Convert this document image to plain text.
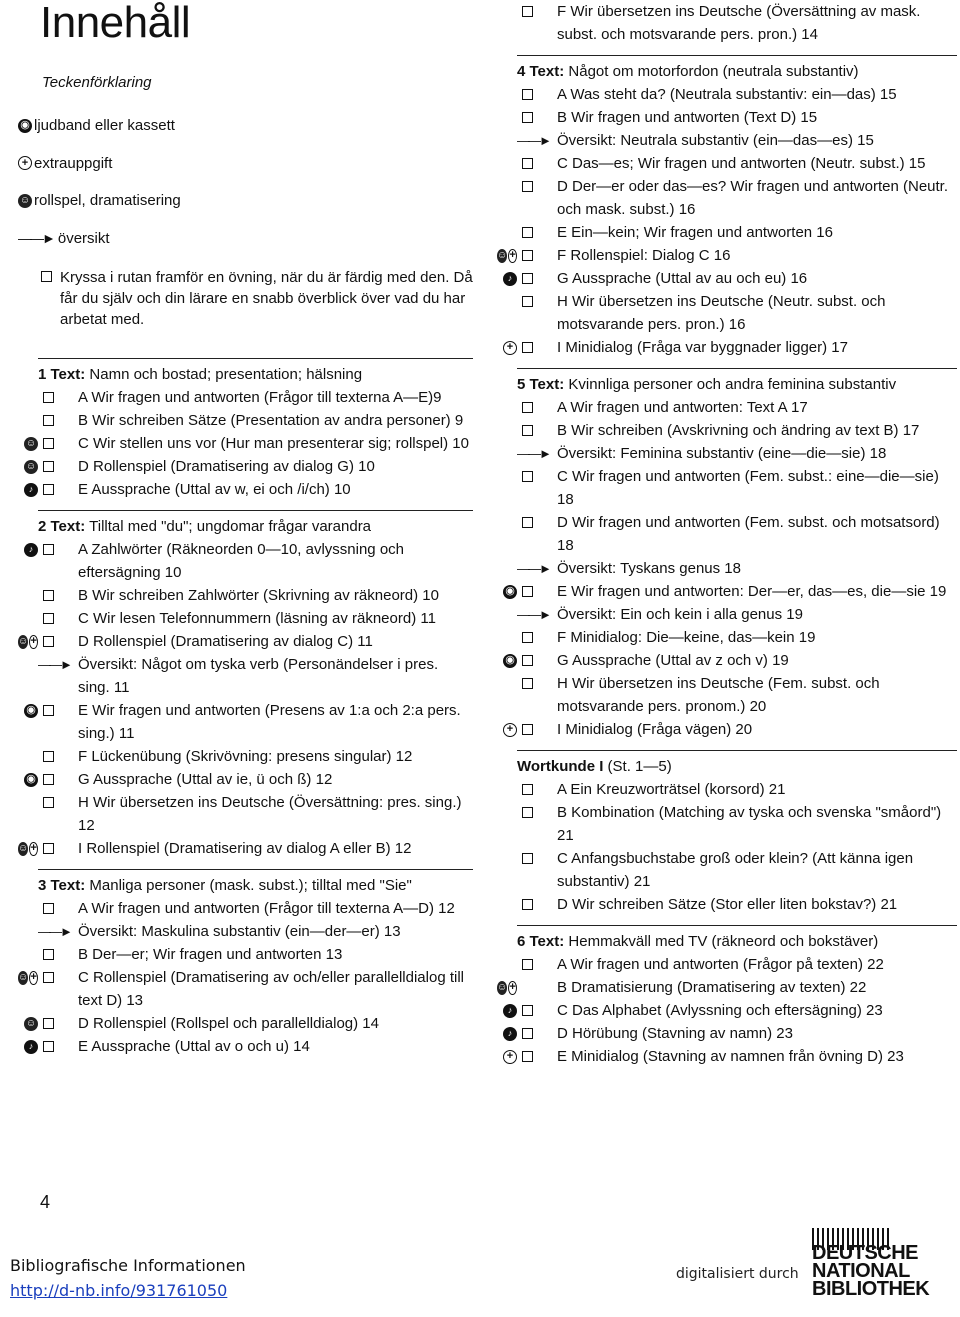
Innehåll
Teckenförklaring
◉ ljudband eller kassett
+ extrauppgift
☺ rollspel, dramatisering
——► översikt
Kryssa i rutan framför en övning, när du är färdig med den. Då får du själv och din lärare en snabb överblick över vad du har arbetat med.
1 Text: Namn och bostad; presentation; hälsning
A Wir fragen und antworten (Frågor till texterna A—E)9
B Wir schreiben Sätze (Presentation av andra personer) 9
☺	C Wir stellen uns vor (Hur man presenterar sig; rollspel) 10
☺	D Rollenspiel (Dramatisering av dialog G) 10
♪	E Aussprache (Uttal av w, ei och /i/ch) 10
2 Text: Tilltal med "du"; ungdomar frågar varandra
♪	A Zahlwörter (Räkneorden 0—10, avlyssning och eftersägning 10
B Wir schreiben Zahlwörter (Skrivning av räkneord) 10
C Wir lesen Telefonnummern (läsning av räkneord) 11
☺ +	D Rollenspiel (Dramatisering av dialog C) 11
——► Översikt: Något om tyska verb (Personändelser i pres. sing. 11
◉	E Wir fragen und antworten (Presens av 1:a och 2:a pers. sing.) 11
F Lückenübung (Skrivövning: presens singular) 12
◉	G Aussprache (Uttal av ie, ü och ß) 12
H Wir übersetzen ins Deutsche (Översättning: pres. sing.) 12
☺ +	I Rollenspiel (Dramatisering av dialog A eller B) 12
3 Text: Manliga personer (mask. subst.); tilltal med "Sie"
A Wir fragen und antworten (Frågor till texterna A—D) 12
——► Översikt: Maskulina substantiv (ein—der—er) 13
B Der—er; Wir fragen und antworten 13
☺ +	C Rollenspiel (Dramatisering av och/eller parallelldialog till text D) 13
☺	D Rollenspiel (Rollspel och parallelldialog) 14
♪	E Aussprache (Uttal av o och u) 14
F Wir übersetzen ins Deutsche (Översättning av mask. subst. och motsvarande pers. pron.) 14
4 Text: Något om motorfordon (neutrala substantiv)
A Was steht da? (Neutrala substantiv: ein—das) 15
B Wir fragen und antworten (Text D) 15
——► Översikt: Neutrala substantiv (ein—das—es) 15
C Das—es; Wir fragen und antworten (Neutr. subst.) 15
D Der—er oder das—es? Wir fragen und antworten (Neutr. och mask. subst.) 16
E Ein—kein; Wir fragen und antworten 16
☺ +	F Rollenspiel: Dialog C 16
♪	G Aussprache (Uttal av au och eu) 16
H Wir übersetzen ins Deutsche (Neutr. subst. och motsvarande pers. pron.) 16
+	I Minidialog (Fråga var byggnader ligger) 17
5 Text: Kvinnliga personer och andra feminina substantiv
A Wir fragen und antworten: Text A 17
B Wir schreiben (Avskrivning och ändring av text B) 17
——► Översikt: Feminina substantiv (eine—die—sie) 18
C Wir fragen und antworten (Fem. subst.: eine—die—sie) 18
D Wir fragen und antworten (Fem. subst. och motsatsord) 18
——► Översikt: Tyskans genus 18
◉	E Wir fragen und antworten: Der—er, das—es, die—sie 19
——► Översikt: Ein och kein i alla genus 19
F Minidialog: Die—keine, das—kein 19
◉	G Aussprache (Uttal av z och v) 19
H Wir übersetzen ins Deutsche (Fem. subst. och motsvarande pers. pronom.) 20
+	I Minidialog (Fråga vägen) 20
Wortkunde I (St. 1—5)
A Ein Kreuzworträtsel (korsord) 21
B Kombination (Matching av tyska och svenska "småord") 21
C Anfangsbuchstabe groß oder klein? (Att känna igen substantiv) 21
D Wir schreiben Sätze (Stor eller liten bokstav?) 21
6 Text: Hemmakväll med TV (räkneord och bokstäver)
A Wir fragen und antworten (Frågor på texten) 22
☺ +	B Dramatisierung (Dramatisering av texten) 22
♪	C Das Alphabet (Avlyssning och eftersägning) 23
♪	D Hörübung (Stavning av namn) 23
+	E Minidialog (Stavning av namnen från övning D) 23
4
Bibliografische Informationen
http://d-nb.info/931761050
digitalisiert durch
DEUTSCHE
NATIONAL
BIBLIOTHEK
